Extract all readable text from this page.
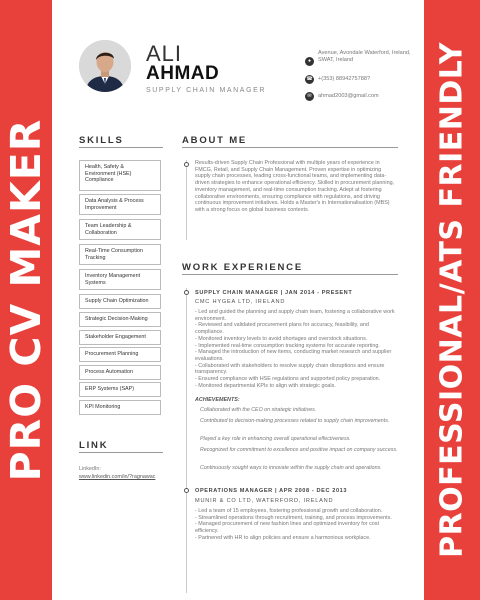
PRO CV MAKER	PROFESSIONAL/ATS FRIENDLY
ALI
AHMAD
SUPPLY CHAIN MANAGER
●
Avenue, Avondale Waterford, Ireland, SWAT, Ireland
☎ +(353) 8894275788?
✉	ahmad2003@gmail.com
SKILLS
Health, Safety & Environment (HSE) Compliance
Data Analysis & Process Improvement
Team Leadership & Collaboration
Real-Time Consumption Tracking
Inventory Management Systems
Supply Chain Optimization
Strategic Decision-Making
Stakeholder Engagement
Procurement Planning
Process Automation
ERP Systems (SAP)
KPI Monitoring
LINK
LinkedIn:
www.linkedin.com/in/?ragnawac
ABOUT ME
Results-driven Supply Chain Professional with multiple years of experience in FMCG, Retail, and Supply Chain Management. Proven expertise in optimizing supply chain processes, leading cross-functional teams, and implementing data-driven strategies to enhance operational efficiency. Skilled in procurement planning, inventory management, and real-time consumption tracking. Adept at fostering collaborative environments, ensuring compliance with regulations, and driving continuous improvement initiatives. Holds a Master's in Internationalisation (MBS) with a strong focus on global business contexts.
WORK EXPERIENCE
SUPPLY CHAIN MANAGER | JAN 2014 - PRESENT
CMC HYGEA LTD, IRELAND
- Led and guided the planning and supply chain team, fostering a collaborative work environment.
- Reviewed and validated procurement plans for accuracy, feasibility, and compliance.
- Monitored inventory levels to avoid shortages and overstock situations.
- Implemented real-time consumption tracking systems for accurate reporting.
- Managed the introduction of new items, conducting market research and supplier evaluations.
- Collaborated with stakeholders to resolve supply chain disruptions and ensure transparency.
- Ensured compliance with HSE regulations and supported policy preparation.
- Monitored departmental KPIs to align with strategic goals.
ACHIEVEMENTS:
Collaborated with the CEO on strategic initiatives.
Contributed to decision-making processes related to supply chain improvements.
Played a key role in enhancing overall operational effectiveness.
Recognized for commitment to excellence and positive impact on company success.
Continuously sought ways to innovate within the supply chain and operations.
OPERATIONS MANAGER | APR 2008 - DEC 2013
MUNIR & CO LTD, WATERFORD, IRELAND
- Led a team of 15 employees, fostering professional growth and collaboration.
- Streamlined operations through recruitment, training, and process improvements.
- Managed procurement of new fashion lines and optimized inventory for cost efficiency.
- Partnered with HR to align policies and ensure a harmonious workplace.
